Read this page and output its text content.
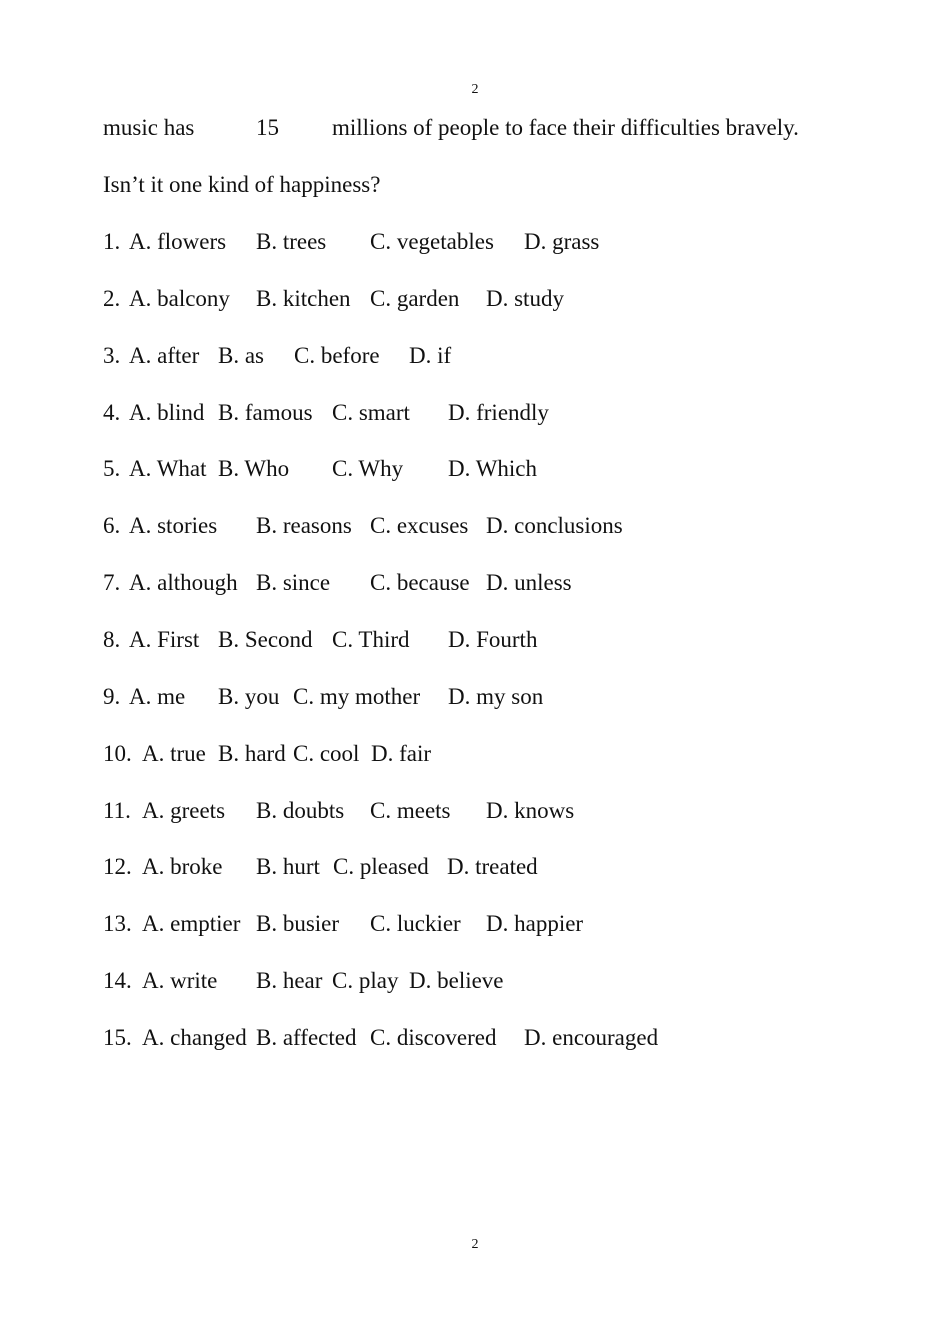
2
music has	15 millions of people to face their difficulties bravely.
Isn’t it one kind of happiness?
1. A. flowers B. trees C. vegetables D. grass
2. A. balcony B. kitchen C. garden D. study
3. A. after B. as C. before D. if
4. A. blind B. famous C. smart D. friendly
5. A. What B. Who C. Why D. Which
6. A. stories B. reasons C. excuses D. conclusions
7. A. although B. since C. because D. unless
8. A. First B. Second C. Third D. Fourth
9. A. me B. you C. my mother D. my son
10. A. true B. hard C. cool D. fair
11. A. greets B. doubts C. meets D. knows
12. A. broke B. hurt C. pleased D. treated
13. A. emptier B. busier C. luckier D. happier
14. A. write B. hear C. play D. believe
15. A. changed B. affected C. discovered D. encouraged
2
